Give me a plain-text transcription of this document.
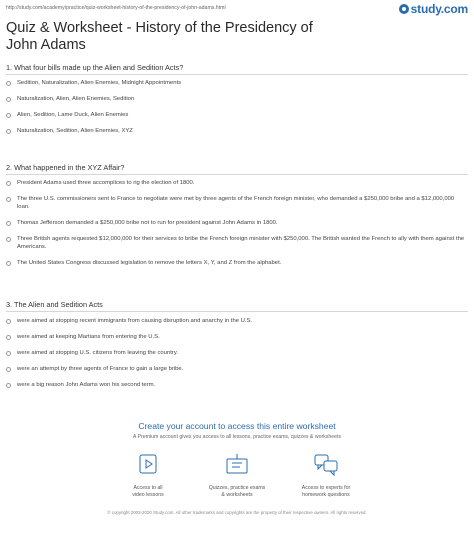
http://study.com/academy/practice/quiz-worksheet-history-of-the-presidency-of-john-adams.html	study.com
Quiz & Worksheet - History of the Presidency of John Adams
1. What four bills made up the Alien and Sedition Acts?
Sedition, Naturalization, Alien Enemies, Midnight Appointments
Naturalization, Alien, Alien Enemies, Sedition
Alien, Sedition, Lame Duck, Alien Enemies
Naturalization, Sedition, Alien Enemies, XYZ
2. What happened in the XYZ Affair?
President Adams used three accomplices to rig the election of 1800.
The three U.S. commissioners sent to France to negotiate were met by three agents of the French foreign minister, who demanded a $250,000 bribe and a $12,000,000 loan.
Thomas Jefferson demanded a $250,000 bribe not to run for president against John Adams in 1800.
Three British agents requested $12,000,000 for their services to bribe the French foreign minister with $250,000. The British wanted the French to ally with them against the Americans.
The United States Congress discussed legislation to remove the letters X, Y, and Z from the alphabet.
3. The Alien and Sedition Acts
were aimed at stopping recent immigrants from causing disruption and anarchy in the U.S.
were aimed at keeping Martians from entering the U.S.
were aimed at stopping U.S. citizens from leaving the country.
were an attempt by three agents of France to gain a large bribe.
were a big reason John Adams won his second term.
Create your account to access this entire worksheet
A Premium account gives you access to all lessons, practice exams, quizzes & worksheets
Access to all
video lessons
Quizzes, practice exams
& worksheets
Access to experts for
homework questions
© copyright 2003-2020 Study.com. All other trademarks and copyrights are the property of their respective owners. All rights reserved.
